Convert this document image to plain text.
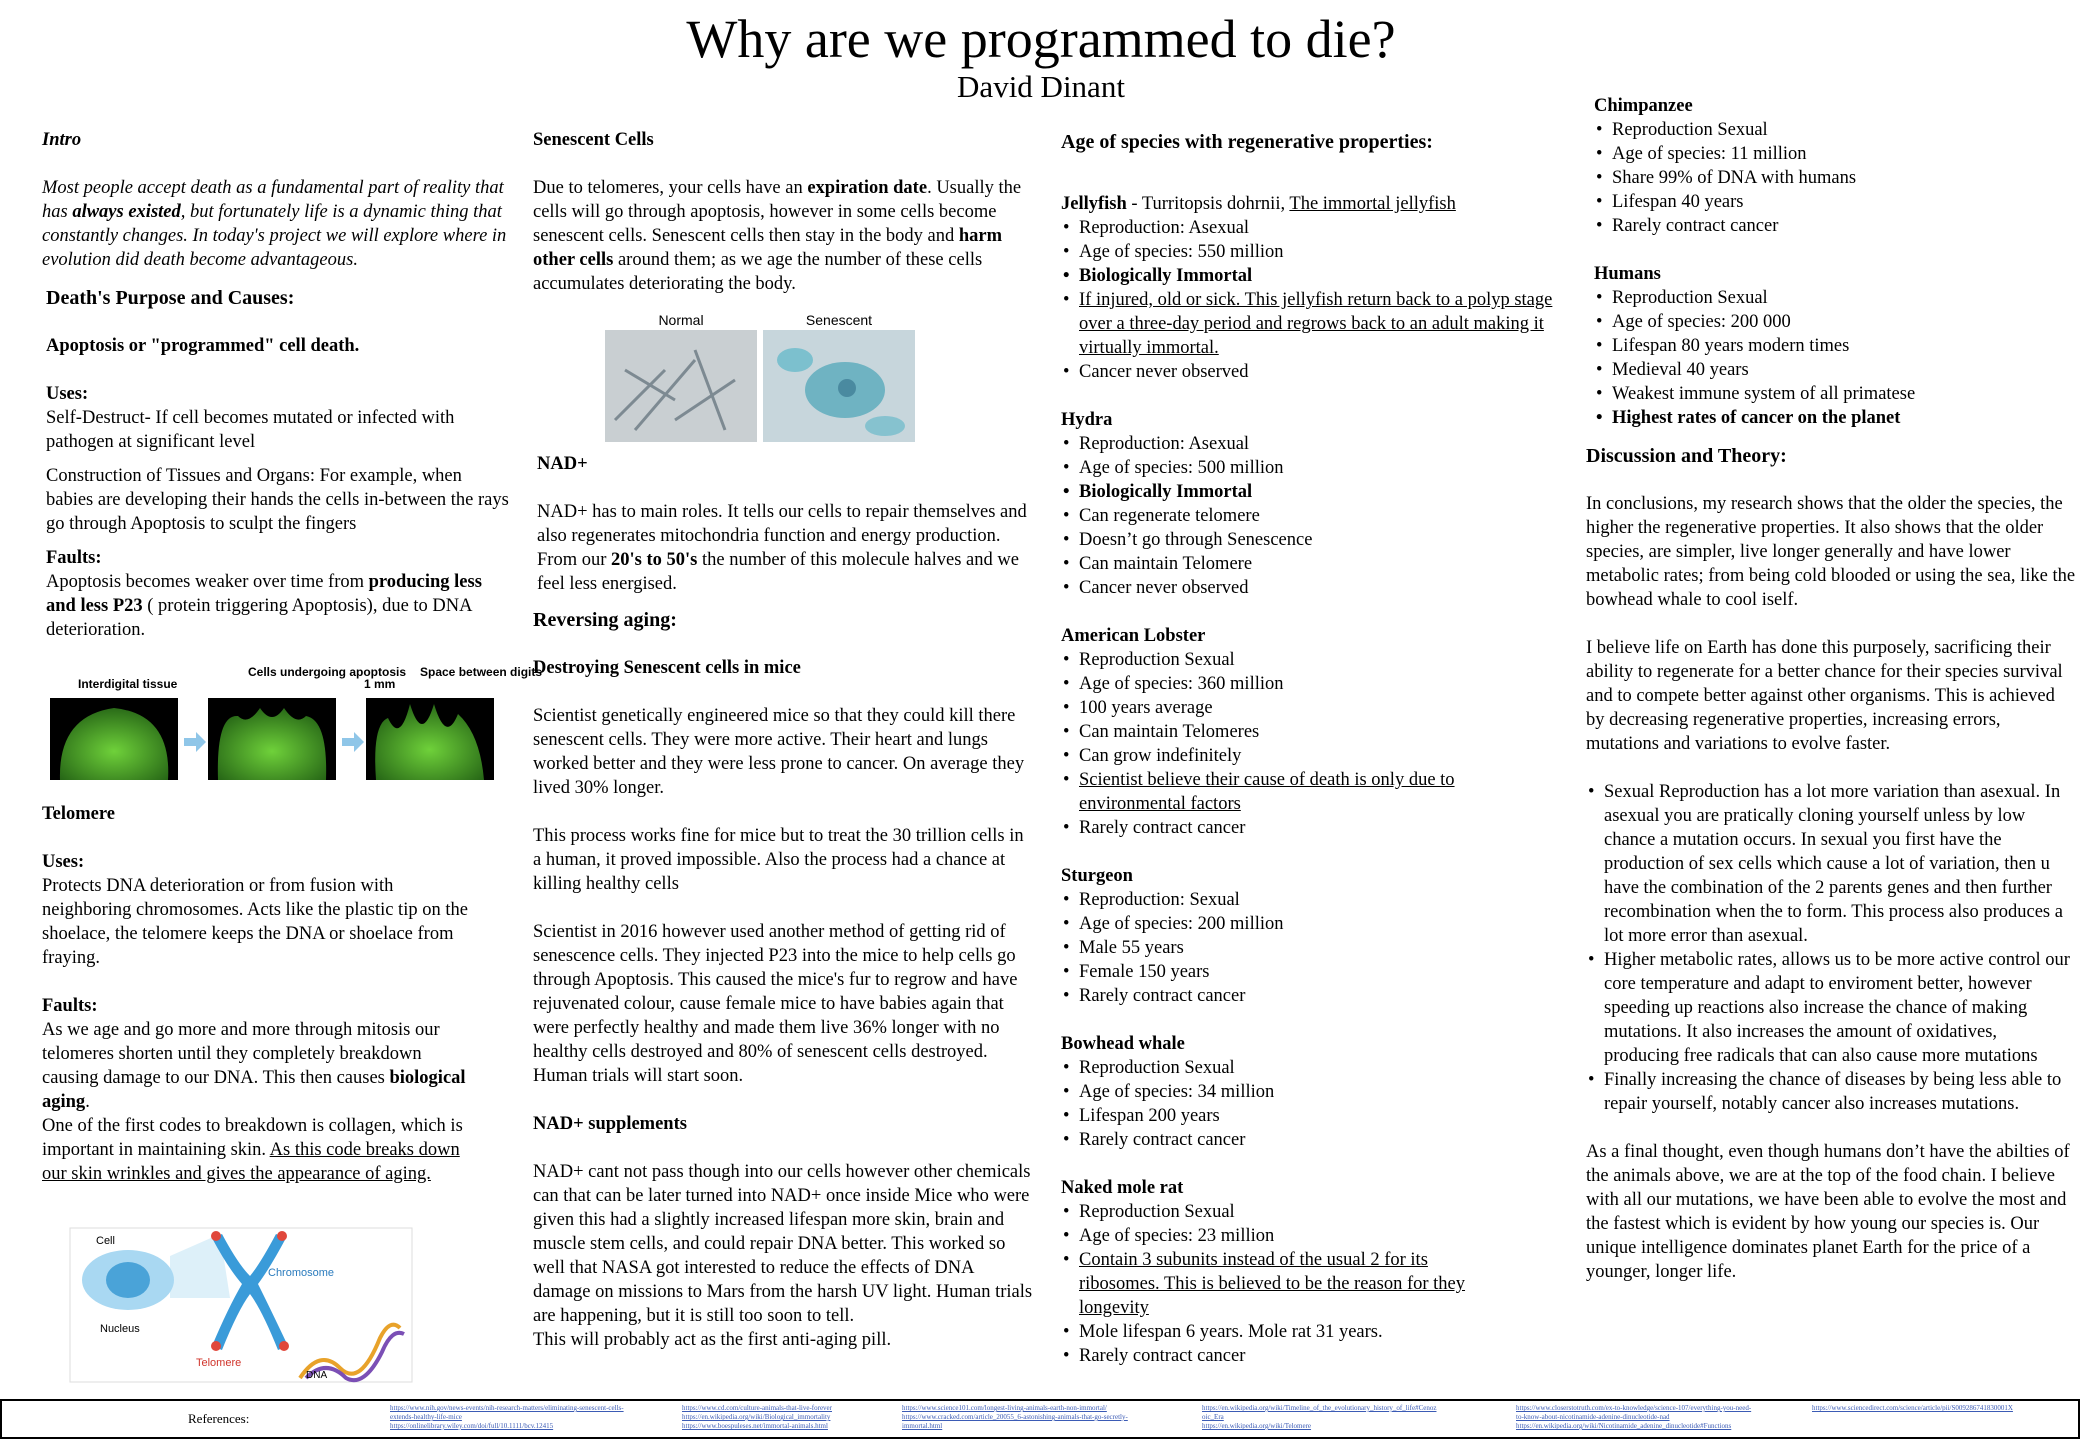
Why are we programmed to die?
David Dinant

Intro

Most people accept death as a fundamental part of reality that has always existed, but fortunately life is a dynamic thing that constantly changes. In today's project we will explore where in evolution did death become advantageous.

Death's Purpose and Causes:

Apoptosis or "programmed" cell death.

Uses:

Self-Destruct- If cell becomes mutated or infected with pathogen at significant level

Construction of Tissues and Organs: For example, when babies are developing their hands the cells in-between the rays go through Apoptosis to sculpt the fingers

Faults:

Apoptosis becomes weaker over time from producing less and less P23 ( protein triggering Apoptosis), due to DNA deterioration.

Interdigital tissue
Cells undergoing apoptosis
1 mm
Space between digits

Telomere

Uses:

Protects DNA deterioration or from fusion with neighboring chromosomes. Acts like the plastic tip on the shoelace, the telomere keeps the DNA or shoelace from fraying.

Faults:

As we age and go more and more through mitosis our telomeres shorten until they completely breakdown causing damage to our DNA. This then causes biological aging.
One of the first codes to breakdown is collagen, which is important in maintaining skin. As this code breaks down our skin wrinkles and gives the appearance of aging.

Cell
Nucleus
Chromosome
Telomere
DNA

Senescent Cells

Due to telomeres, your cells have an expiration date. Usually the cells will go through apoptosis, however in some cells become senescent cells. Senescent cells then stay in the body and harm other cells around them; as we age the number of these cells accumulates deteriorating the body.

Normal	Senescent

NAD+

NAD+ has to main roles. It tells our cells to repair themselves and also regenerates mitochondria function and energy production. From our 20's to 50's the number of this molecule halves and we feel less energised.

Reversing aging:

Destroying Senescent cells in mice

Scientist genetically engineered mice so that they could kill there senescent cells. They were more active. Their heart and lungs worked better and they were less prone to cancer. On average they lived 30% longer.

This process works fine for mice but to treat the 30 trillion cells in a human, it proved impossible. Also the process had a chance at killing healthy cells

Scientist in 2016 however used another method of getting rid of senescence cells. They injected P23 into the mice to help cells go through Apoptosis. This caused the mice's fur to regrow and have rejuvenated colour, cause female mice to have babies again that were perfectly healthy and made them live 36% longer with no healthy cells destroyed and 80% of senescent cells destroyed. Human trials will start soon.

NAD+ supplements

NAD+ cant not pass though into our cells however other chemicals can that can be later turned into NAD+ once inside Mice who were given this had a slightly increased lifespan more skin, brain and muscle stem cells, and could repair DNA better. This worked so well that NASA got interested to reduce the effects of DNA damage on missions to Mars from the harsh UV light. Human trials are happening, but it is still too soon to tell.

This will probably act as the first anti-aging pill.

Age of species with regenerative properties:

Jellyfish - Turritopsis dohrnii, The immortal jellyfish

• Reproduction: Asexual
• Age of species: 550 million
• Biologically Immortal
• If injured, old or sick. This jellyfish return back to a polyp stage over a three-day period and regrows back to an adult making it virtually immortal.
• Cancer never observed

Hydra

• Reproduction: Asexual
• Age of species: 500 million
• Biologically Immortal
• Can regenerate telomere
• Doesn’t go through Senescence
• Can maintain Telomere
• Cancer never observed

American Lobster

• Reproduction Sexual
• Age of species: 360 million
• 100 years average
• Can maintain Telomeres
• Can grow indefinitely
• Scientist believe their cause of death is only due to environmental factors
• Rarely contract cancer

Sturgeon

• Reproduction: Sexual
• Age of species: 200 million
• Male 55 years
• Female 150 years
• Rarely contract cancer

Bowhead whale

• Reproduction Sexual
• Age of species: 34 million
• Lifespan 200 years
• Rarely contract cancer

Naked mole rat

• Reproduction Sexual
• Age of species: 23 million
• Contain 3 subunits instead of the usual 2 for its ribosomes. This is believed to be the reason for they longevity
• Mole lifespan 6 years. Mole rat 31 years.
• Rarely contract cancer

Chimpanzee

• Reproduction Sexual
• Age of species: 11 million
• Share 99% of DNA with humans
• Lifespan 40 years
• Rarely contract cancer

Humans

• Reproduction Sexual
• Age of species: 200 000
• Lifespan 80 years modern times
• Medieval 40 years
• Weakest immune system of all primatese
• Highest rates of cancer on the planet

Discussion and Theory:

In conclusions, my research shows that the older the species, the higher the regenerative properties. It also shows that the older species, are simpler, live longer generally and have lower metabolic rates; from being cold blooded or using the sea, like the bowhead whale to cool iself.

I believe life on Earth has done this purposely, sacrificing their ability to regenerate for a better chance for their species survival and to compete better against other organisms. This is achieved by decreasing regenerative properties, increasing errors, mutations and variations to evolve faster.

• Sexual Reproduction has a lot more variation than asexual. In asexual you are pratically cloning yourself unless by low chance a mutation occurs. In sexual you first have the production of sex cells which cause a lot of variation, then u have the combination of the 2 parents genes and then further recombination when the to form. This process also produces a lot more error than asexual.
• Higher metabolic rates, allows us to be more active control our core temperature and adapt to enviroment better, however speeding up reactions also increase the chance of making mutations. It also increases the amount of oxidatives, producing free radicals that can also cause more mutations
• Finally increasing the chance of diseases by being less able to repair yourself, notably cancer also increases mutations.

As a final thought, even though humans don’t have the abilties of the animals above, we are at the top of the food chain. I believe with all our mutations, we have been able to evolve the most and the fastest which is evident by how young our species is. Our unique intelligence dominates planet Earth for the price of a younger, longer life.

References:
https://www.nih.gov/news-events/nih-research-matters/eliminating-senescent-cells-
extends-healthy-life-mice
https://onlinelibrary.wiley.com/doi/full/10.1111/bcv.12415
https://www.cd.com/culture-animals-that-live-forever
https://en.wikipedia.org/wiki/Biological_immortality
https://www.boespuleses.net/immortal-animals.html
https://www.science101.com/longest-living-animals-earth-non-immortal/
https://www.cracked.com/article_20055_6-astonishing-animals-that-go-secretly-
immortal.html
https://en.wikipedia.org/wiki/Timeline_of_the_evolutionary_history_of_life#Cenoz
oic_Era
https://en.wikipedia.org/wiki/Telomere
https://www.closerstotruth.com/ex-to-knowledge/science-107/everything-you-need-
to-know-about-nicotinamide-adenine-dinucleotide-nad
https://en.wikipedia.org/wiki/Nicotinamide_adenine_dinucleotide#Functions
https://www.sciencedirect.com/science/article/pii/S009286741830001X
